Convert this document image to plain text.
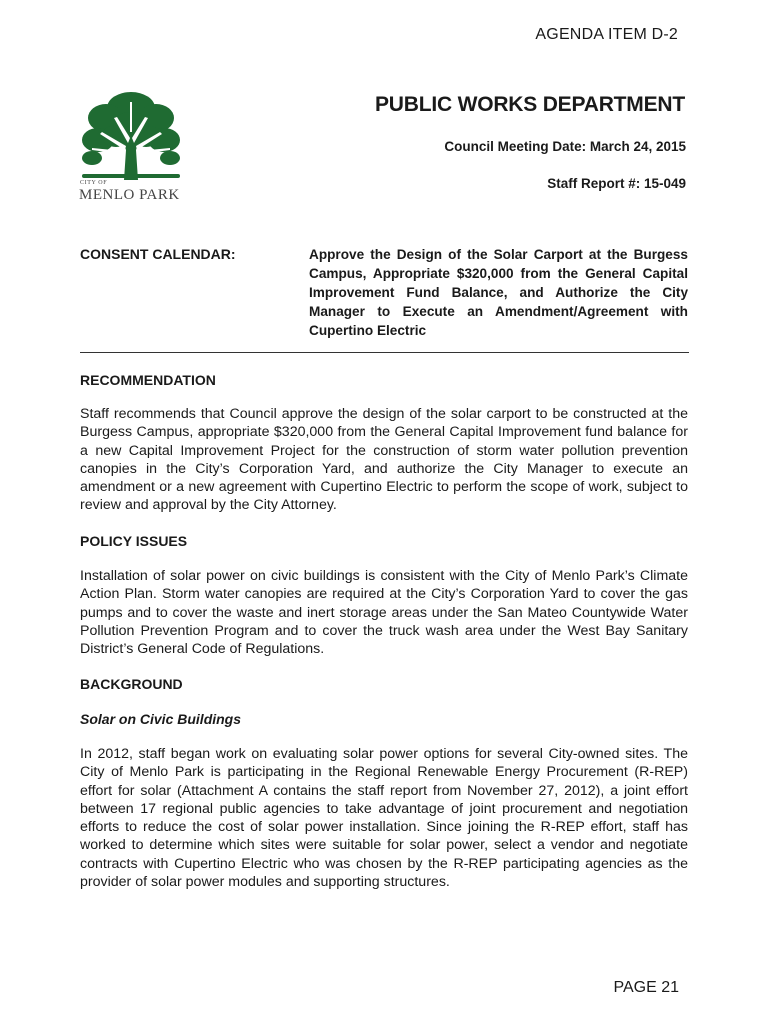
AGENDA ITEM D-2
CITY OF
MENLO PARK
PUBLIC WORKS DEPARTMENT
Council Meeting Date: March 24, 2015
Staff Report #: 15-049
CONSENT CALENDAR:	Approve the Design of the Solar Carport at the Burgess Campus, Appropriate $320,000 from the General Capital Improvement Fund Balance, and Authorize the City Manager to Execute an Amendment/Agreement with Cupertino Electric
RECOMMENDATION
Staff recommends that Council approve the design of the solar carport to be constructed at the Burgess Campus, appropriate $320,000 from the General Capital Improvement fund balance for a new Capital Improvement Project for the construction of storm water pollution prevention canopies in the City’s Corporation Yard, and authorize the City Manager to execute an amendment or a new agreement with Cupertino Electric to perform the scope of work, subject to review and approval by the City Attorney.
POLICY ISSUES
Installation of solar power on civic buildings is consistent with the City of Menlo Park’s Climate Action Plan. Storm water canopies are required at the City’s Corporation Yard to cover the gas pumps and to cover the waste and inert storage areas under the San Mateo Countywide Water Pollution Prevention Program and to cover the truck wash area under the West Bay Sanitary District’s General Code of Regulations.
BACKGROUND
Solar on Civic Buildings
In 2012, staff began work on evaluating solar power options for several City-owned sites. The City of Menlo Park is participating in the Regional Renewable Energy Procurement (R-REP) effort for solar (Attachment A contains the staff report from November 27, 2012), a joint effort between 17 regional public agencies to take advantage of joint procurement and negotiation efforts to reduce the cost of solar power installation. Since joining the R-REP effort, staff has worked to determine which sites were suitable for solar power, select a vendor and negotiate contracts with Cupertino Electric who was chosen by the R-REP participating agencies as the provider of solar power modules and supporting structures.
PAGE 21
